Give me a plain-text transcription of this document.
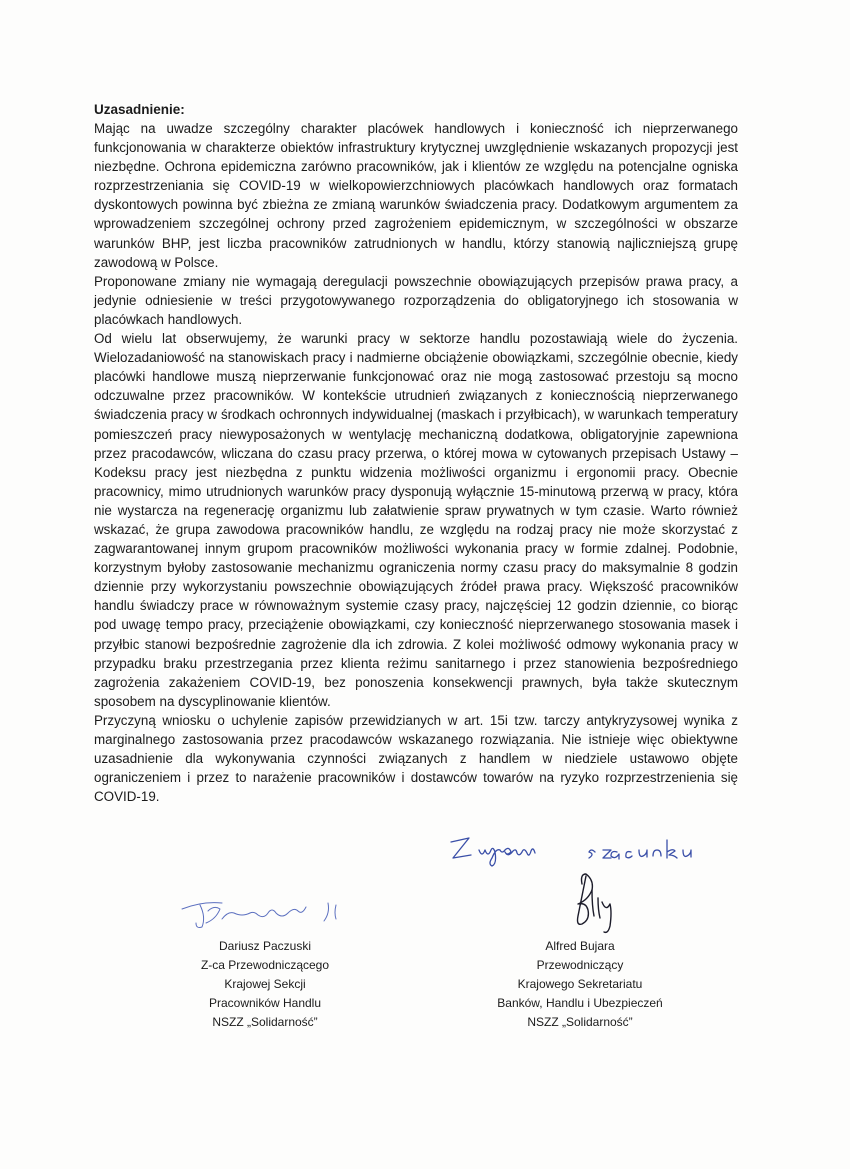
Uzasadnienie:

Mając na uwadze szczególny charakter placówek handlowych i konieczność ich nieprzerwanego funkcjonowania w charakterze obiektów infrastruktury krytycznej uwzględnienie wskazanych propozycji jest niezbędne. Ochrona epidemiczna zarówno pracowników, jak i klientów ze względu na potencjalne ogniska rozprzestrzeniania się COVID-19 w wielkopowierzchniowych placówkach handlowych oraz formatach dyskontowych powinna być zbieżna ze zmianą warunków świadczenia pracy. Dodatkowym argumentem za wprowadzeniem szczególnej ochrony przed zagrożeniem epidemicznym, w szczególności w obszarze warunków BHP, jest liczba pracowników zatrudnionych w handlu, którzy stanowią najliczniejszą grupę zawodową w Polsce.

Proponowane zmiany nie wymagają deregulacji powszechnie obowiązujących przepisów prawa pracy, a jedynie odniesienie w treści przygotowywanego rozporządzenia do obligatoryjnego ich stosowania w placówkach handlowych.

Od wielu lat obserwujemy, że warunki pracy w sektorze handlu pozostawiają wiele do życzenia. Wielozadaniowość na stanowiskach pracy i nadmierne obciążenie obowiązkami, szczególnie obecnie, kiedy placówki handlowe muszą nieprzerwanie funkcjonować oraz nie mogą zastosować przestoju są mocno odczuwalne przez pracowników. W kontekście utrudnień związanych z koniecznością nieprzerwanego świadczenia pracy w środkach ochronnych indywidualnej (maskach i przyłbicach), w warunkach temperatury pomieszczeń pracy niewyposażonych w wentylację mechaniczną dodatkowa, obligatoryjnie zapewniona przez pracodawców, wliczana do czasu pracy przerwa, o której mowa w cytowanych przepisach Ustawy – Kodeksu pracy jest niezbędna z punktu widzenia możliwości organizmu i ergonomii pracy. Obecnie pracownicy, mimo utrudnionych warunków pracy dysponują wyłącznie 15-minutową przerwą w pracy, która nie wystarcza na regenerację organizmu lub załatwienie spraw prywatnych w tym czasie. Warto również wskazać, że grupa zawodowa pracowników handlu, ze względu na rodzaj pracy nie może skorzystać z zagwarantowanej innym grupom pracowników możliwości wykonania pracy w formie zdalnej. Podobnie, korzystnym byłoby zastosowanie mechanizmu ograniczenia normy czasu pracy do maksymalnie 8 godzin dziennie przy wykorzystaniu powszechnie obowiązujących źródeł prawa pracy. Większość pracowników handlu świadczy prace w równoważnym systemie czasy pracy, najczęściej 12 godzin dziennie, co biorąc pod uwagę tempo pracy, przeciążenie obowiązkami, czy konieczność nieprzerwanego stosowania masek i przyłbic stanowi bezpośrednie zagrożenie dla ich zdrowia. Z kolei możliwość odmowy wykonania pracy w przypadku braku przestrzegania przez klienta reżimu sanitarnego i przez stanowienia bezpośredniego zagrożenia zakażeniem COVID-19, bez ponoszenia konsekwencji prawnych, była także skutecznym sposobem na dyscyplinowanie klientów.

Przyczyną wniosku o uchylenie zapisów przewidzianych w art. 15i tzw. tarczy antykryzysowej wynika z marginalnego zastosowania przez pracodawców wskazanego rozwiązania. Nie istnieje więc obiektywne uzasadnienie dla wykonywania czynności związanych z handlem w niedziele ustawowo objęte ograniczeniem i przez to narażenie pracowników i dostawców towarów na ryzyko rozprzestrzenienia się COVID-19.

Dariusz Paczuski
Z-ca Przewodniczącego
Krajowej Sekcji
Pracowników Handlu
NSZZ „Solidarność”
Alfred Bujara
Przewodniczący
Krajowego Sekretariatu
Banków, Handlu i Ubezpieczeń
NSZZ „Solidarność”
